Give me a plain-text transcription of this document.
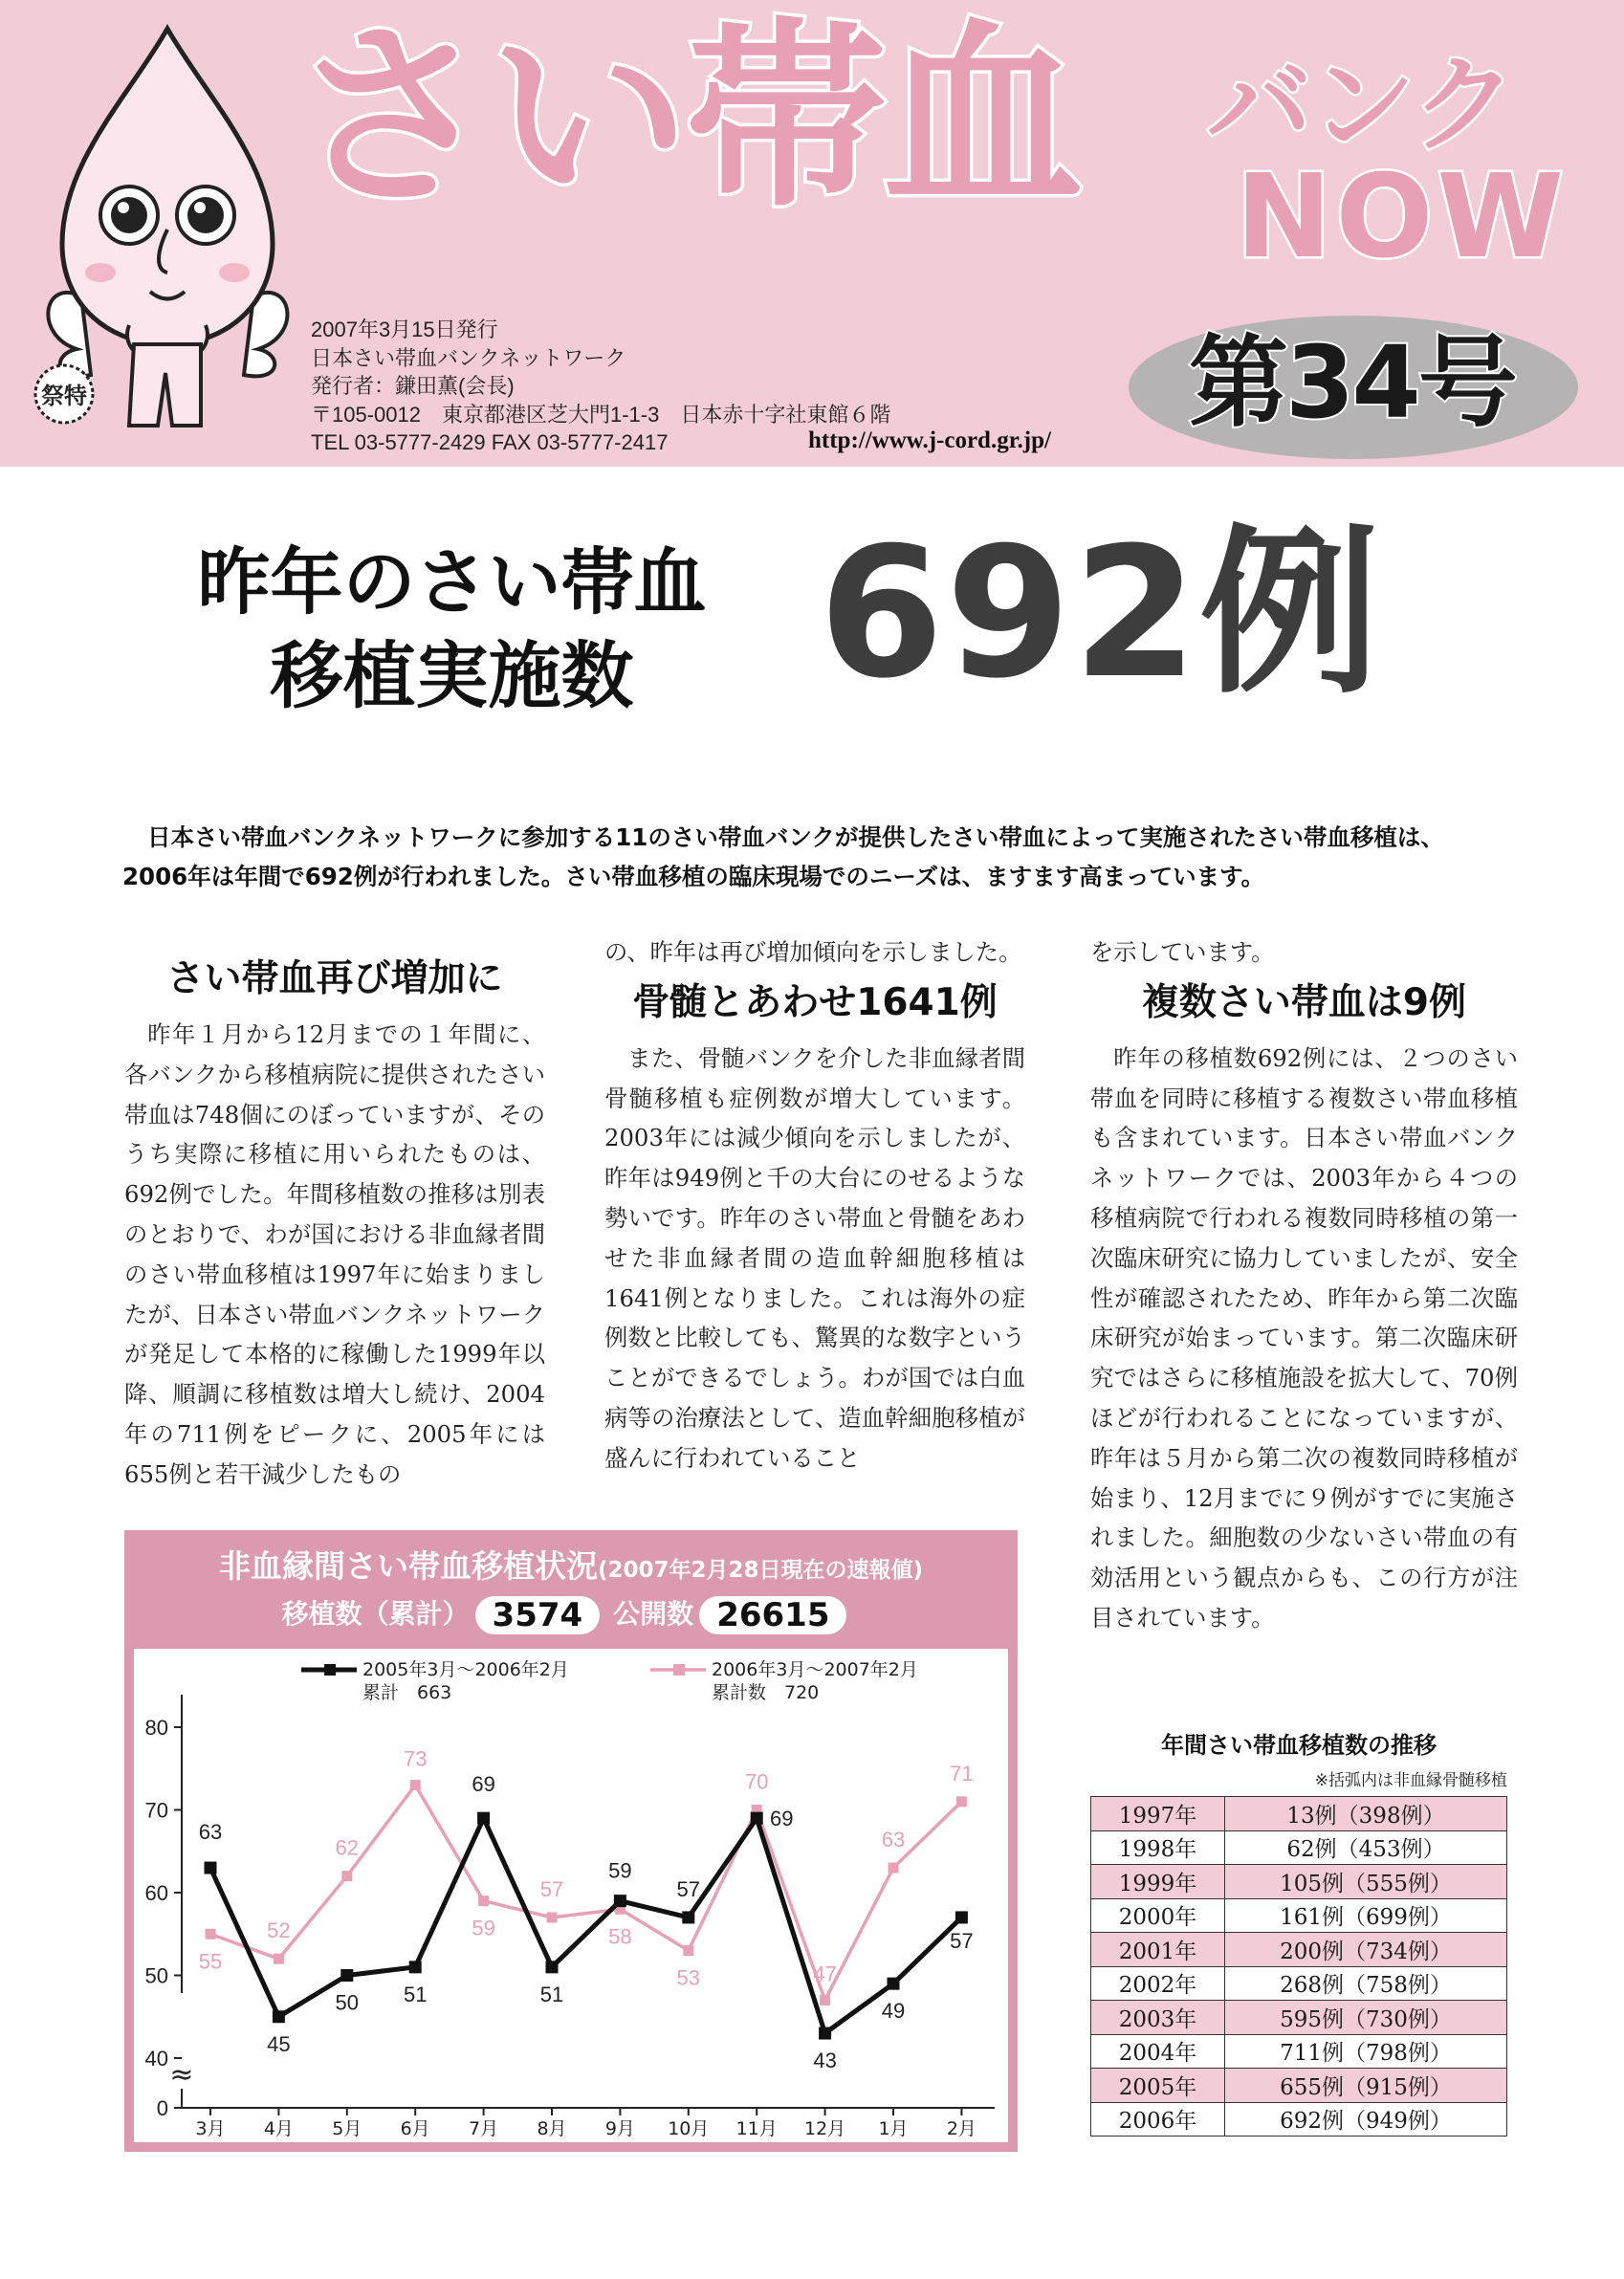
祭特
さい帯血 バンク
NOW
第34号
2007年3月15日発行
日本さい帯血バンクネットワーク
発行者：鎌田薫(会長)
〒105-0012　東京都港区芝大門1-1-3　日本赤十字社東館６階
TEL 03-5777-2429 FAX 03-5777-2417	http://www.j-cord.gr.jp/
昨年のさい帯血
移植実施数	692例

日本さい帯血バンクネットワークに参加する11のさい帯血バンクが提供したさい帯血によって実施されたさい帯血移植は、2006年は年間で692例が行われました。さい帯血移植の臨床現場でのニーズは、ますます高まっています。

さい帯血再び増加に

昨年１月から12月までの１年間に、各バンクから移植病院に提供されたさい帯血は748個にのぼっていますが、そのうち実際に移植に用いられたものは、692例でした。年間移植数の推移は別表のとおりで、わが国における非血縁者間のさい帯血移植は1997年に始まりましたが、日本さい帯血バンクネットワークが発足して本格的に稼働した1999年以降、順調に移植数は増大し続け、2004年の711例をピークに、2005年には655例と若干減少したもの

の、昨年は再び増加傾向を示しました。

骨髄とあわせ1641例

また、骨髄バンクを介した非血縁者間骨髄移植も症例数が増大しています。2003年には減少傾向を示しましたが、昨年は949例と千の大台にのせるような勢いです。昨年のさい帯血と骨髄をあわせた非血縁者間の造血幹細胞移植は1641例となりました。これは海外の症例数と比較しても、驚異的な数字ということができるでしょう。わが国では白血病等の治療法として、造血幹細胞移植が盛んに行われていること

を示しています。

複数さい帯血は9例

昨年の移植数692例には、２つのさい帯血を同時に移植する複数さい帯血移植も含まれています。日本さい帯血バンクネットワークでは、2003年から４つの移植病院で行われる複数同時移植の第一次臨床研究に協力していましたが、安全性が確認されたため、昨年から第二次臨床研究が始まっています。第二次臨床研究ではさらに移植施設を拡大して、70例ほどが行われることになっていますが、昨年は５月から第二次の複数同時移植が始まり、12月までに９例がすでに実施されました。細胞数の少ないさい帯血の有効活用という観点からも、この行方が注目されています。

非血縁間さい帯血移植状況(2007年2月28日現在の速報値)
移植数（累計） 3574 公開数 26615
0
40
50
60
70
80
≈
3月 4月 5月 6月 7月 8月 9月 10月 11月 12月 1月 2月
55
52
62
73
59
57
58
53
70
47
63
71
63
45
50 51
69
51
59
57
69
43
49
57
2005年3月～2006年2月
累計　663
2006年3月～2007年2月
累計数　720
年間さい帯血移植数の推移
※括弧内は非血縁骨髄移植
1997年	13例（398例）
1998年	62例（453例）
1999年	105例（555例）
2000年	161例（699例）
2001年	200例（734例）
2002年	268例（758例）
2003年	595例（730例）
2004年	711例（798例）
2005年	655例（915例）
2006年	692例（949例）
